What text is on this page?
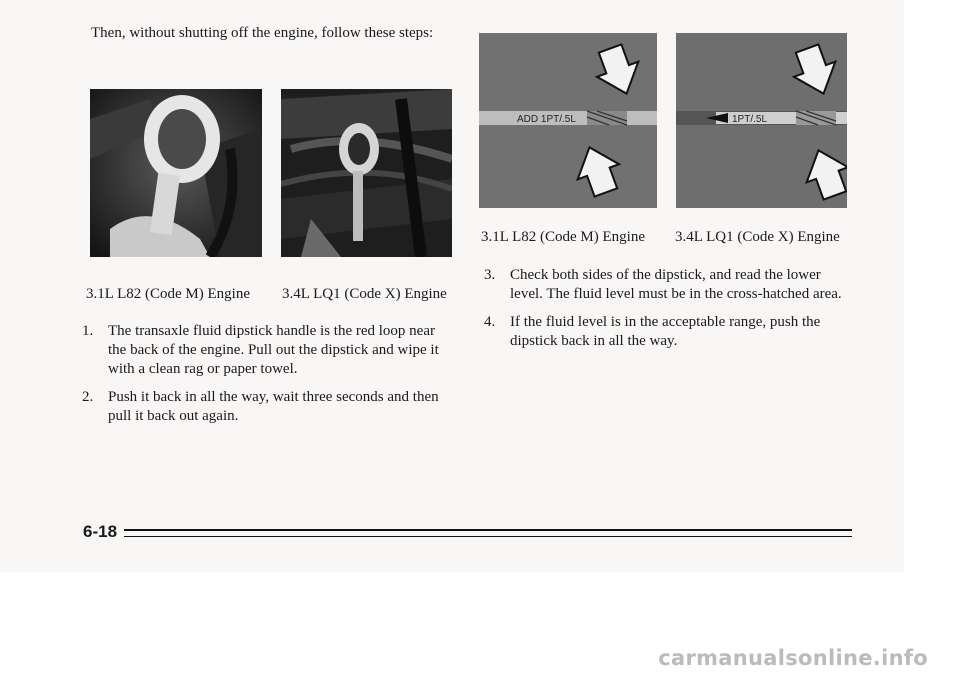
Then, without shutting off the engine, follow these steps:

3.1L L82 (Code M) Engine 3.4L LQ1 (Code X) Engine
1. The transaxle fluid dipstick handle is the red loop near the back of the engine. Pull out the dipstick and wipe it with a clean rag or paper towel.
2. Push it back in all the way, wait three seconds and then pull it back out again.
ADD 1PT/.5L	1PT/.5L
3.1L L82 (Code M) Engine 3.4L LQ1 (Code X) Engine
3. Check both sides of the dipstick, and read the lower level. The fluid level must be in the cross-hatched area.
4. If the fluid level is in the acceptable range, push the dipstick back in all the way.
6-18
carmanualsonline.info
